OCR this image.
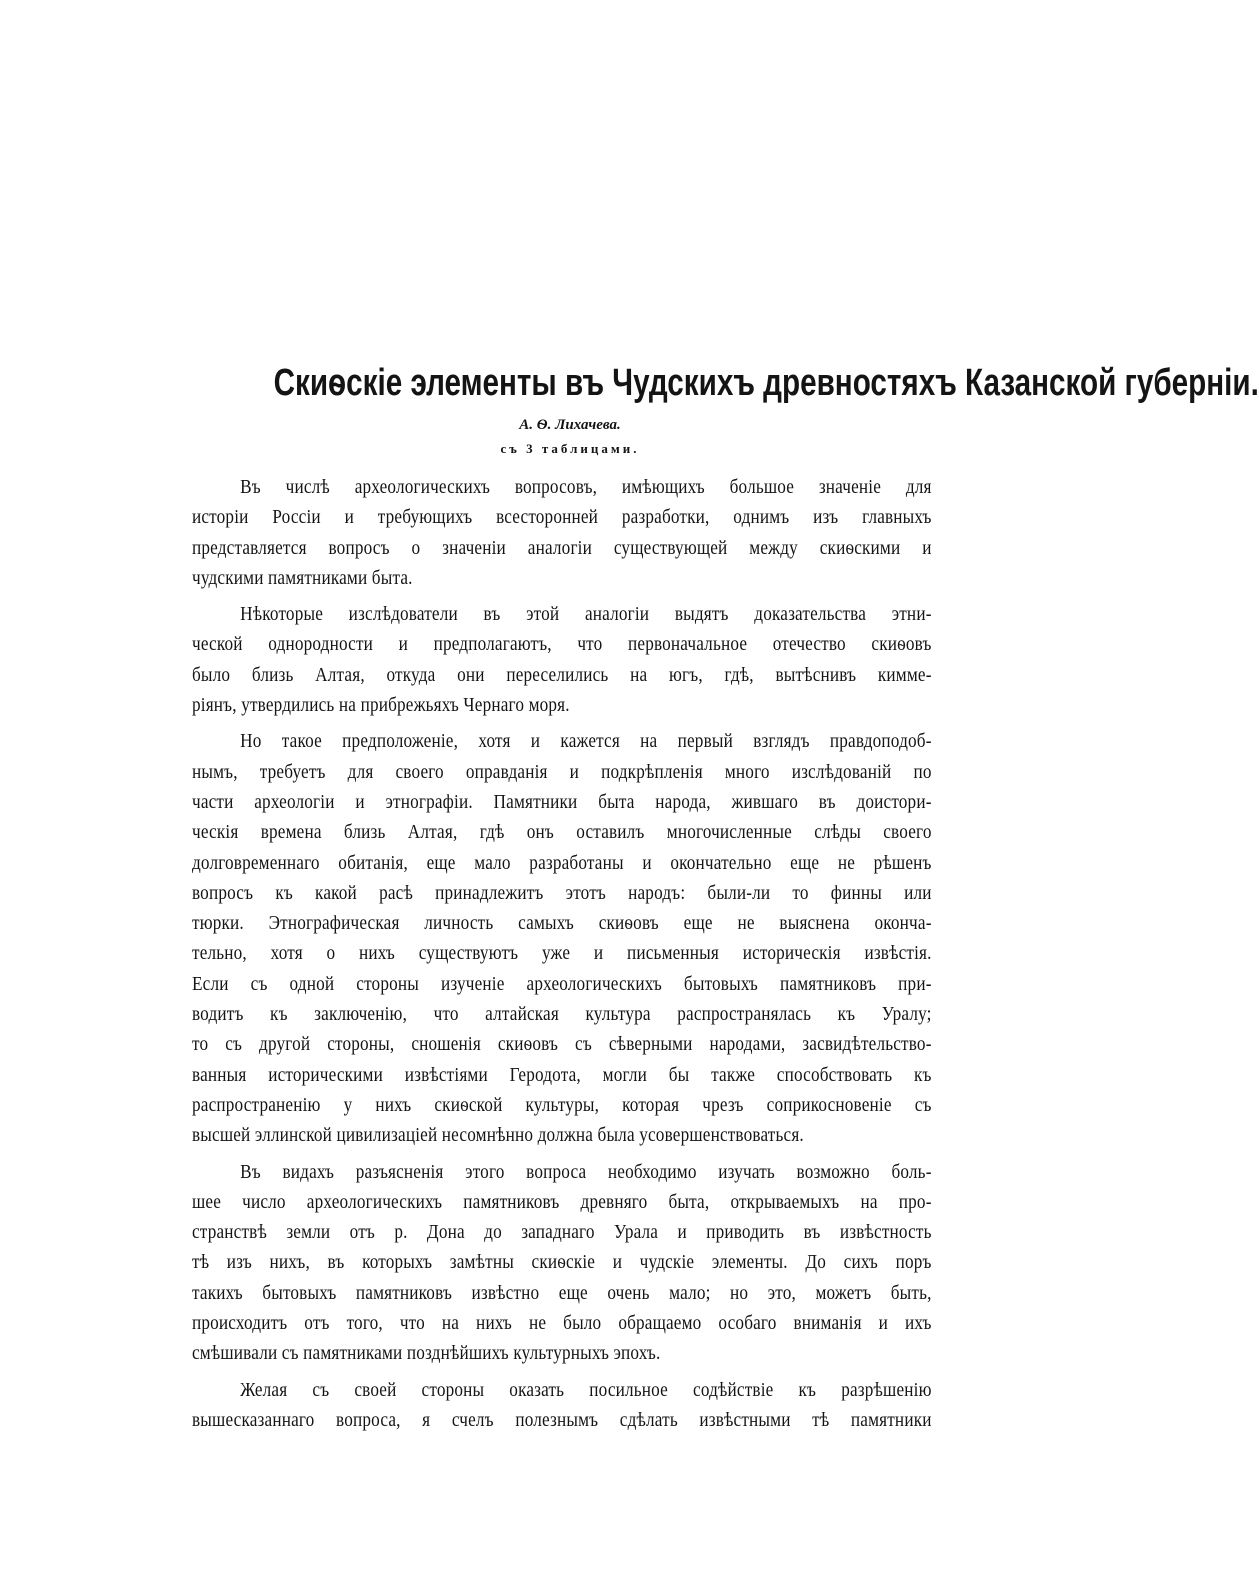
Скиѳскіе элементы въ Чудскихъ древностяхъ Казанской губерніи.
А. Ѳ. Лихачева.
съ 3 таблицами.
Въ числѣ археологическихъ вопросовъ, имѣющихъ большое значеніе для
исторіи Россіи и требующихъ всесторонней разработки, однимъ изъ главныхъ
представляется вопросъ о значеніи аналогіи существующей между скиѳскими и
чудскими памятниками быта.
Нѣкоторые изслѣдователи въ этой аналогіи выдятъ доказательства этни-
ческой однородности и предполагаютъ, что первоначальное отечество скиѳовъ
было близь Алтая, откуда они переселились на югъ, гдѣ, вытѣснивъ киммe-
ріянъ, утвердились на прибрежьяхъ Чернаго моря.
Но такое предположеніе, хотя и кажется на первый взглядъ правдоподоб-
нымъ, требуетъ для своего оправданія и подкрѣпленія много изслѣдованій по
части археологіи и этнографіи. Памятники быта народа, жившаго въ доистори-
ческія времена близь Алтая, гдѣ онъ оставилъ многочисленные слѣды своего
долговременнаго обитанія, еще мало разработаны и окончательно еще не рѣшенъ
вопросъ къ какой расѣ принадлежитъ этотъ народъ: были-ли то финны или
тюрки. Этнографическая личность самыхъ скиѳовъ еще не выяснена оконча-
тельно, хотя о нихъ существуютъ уже и письменныя историческія извѣстія.
Если съ одной стороны изученіе археологическихъ бытовыхъ памятниковъ при-
водитъ къ заключенію, что алтайская культура распространялась къ Уралу;
то съ другой стороны, сношенія скиѳовъ съ сѣверными народами, засвидѣтельство-
ванныя историческими извѣстіями Геродота, могли бы также способствовать къ
распространенію у нихъ скиѳской культуры, которая чрезъ соприкосновеніе съ
высшей эллинской цивилизацiей несомнѣнно должна была усовершенствоваться.
Въ видахъ разъясненія этого вопроса необходимо изучать возможно боль-
шее число археологическихъ памятниковъ древняго быта, открываемыхъ на про-
странствѣ земли отъ р. Дона до западнаго Урала и приводить въ извѣстность
тѣ изъ нихъ, въ которыхъ замѣтны скиѳскіе и чудскіе элементы. До сихъ поръ
такихъ бытовыхъ памятниковъ извѣстно еще очень мало; но это, можетъ быть,
происходитъ отъ того, что на нихъ не было обращаемо особаго вниманія и ихъ
смѣшивали съ памятниками позднѣйшихъ культурныхъ эпохъ.
Желая съ своей стороны оказать посильное содѣйствіе къ разрѣшенію
вышесказаннаго вопроса, я счелъ полезнымъ сдѣлать извѣстными тѣ памятники
